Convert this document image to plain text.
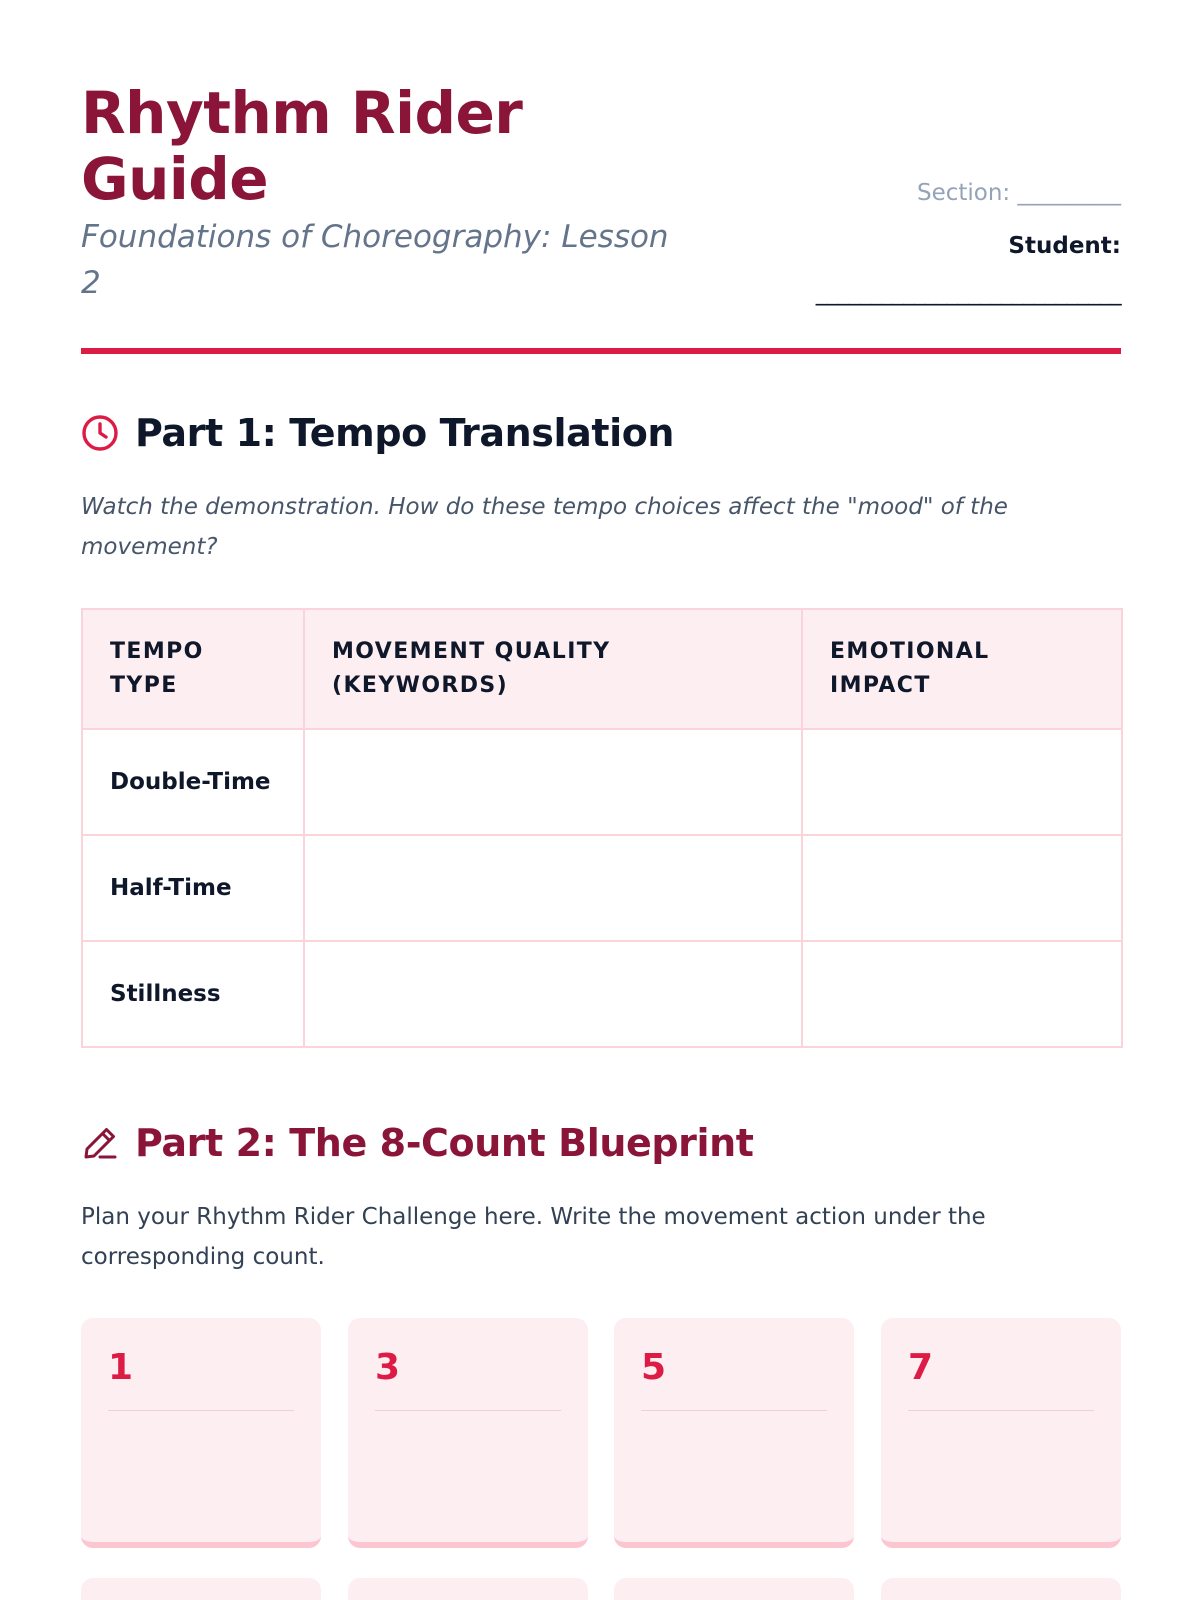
Rhythm Rider Guide
Foundations of Choreography: Lesson 2
Section: _________
Student:
____________________________
Part 1: Tempo Translation
Watch the demonstration. How do these tempo choices affect the "mood" of the movement?
TEMPO TYPE	MOVEMENT QUALITY (KEYWORDS)	EMOTIONAL IMPACT
Double-Time		
Half-Time		
Stillness		
Part 2: The 8-Count Blueprint
Plan your Rhythm Rider Challenge here. Write the movement action under the corresponding count.
1	3	5	7
